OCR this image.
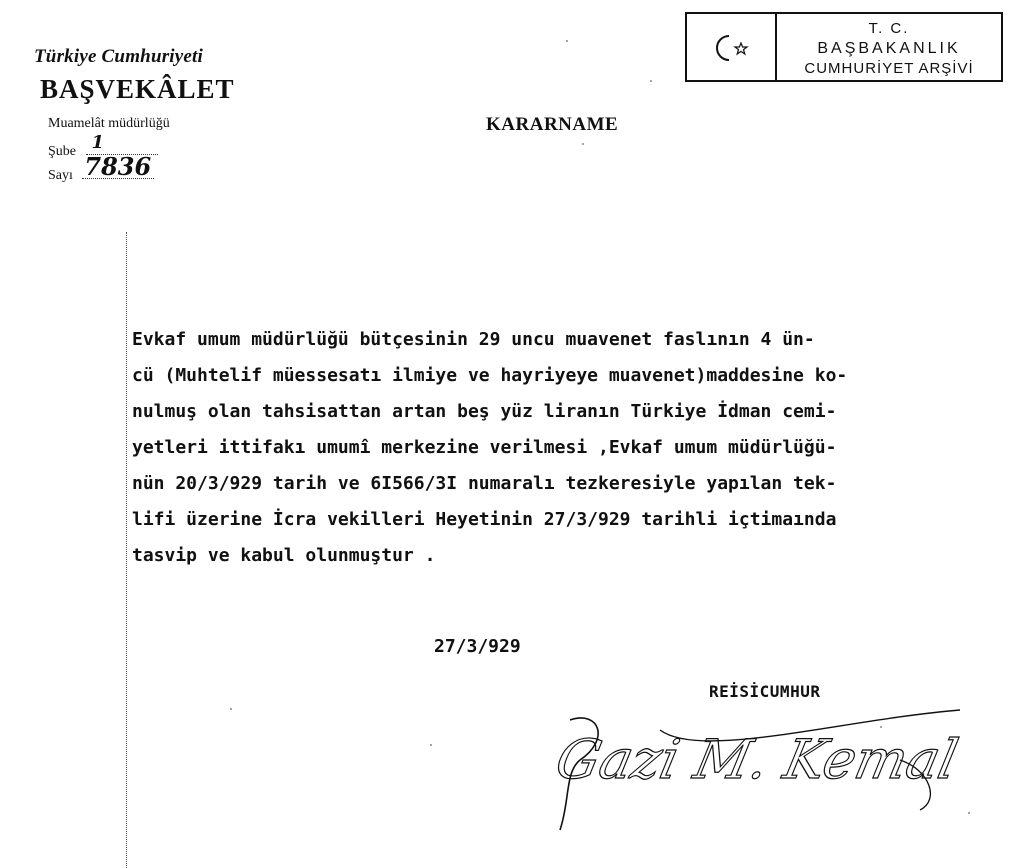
Türkiye Cumhuriyeti
BAŞVEKÂLET
Muamelât müdürlüğü
Şube 1
Sayı 7836
T. C.
BAŞBAKANLIK
CUMHURİYET ARŞİVİ
KARARNAME
Evkaf umum müdürlüğü bütçesinin 29 uncu muavenet faslının 4 ün-
cü (Muhtelif müessesatı ilmiye ve hayriyeye muavenet)maddesine ko-
nulmuş olan tahsisattan artan beş yüz liranın Türkiye İdman cemi-
yetleri ittifakı umumî merkezine verilmesi ,Evkaf umum müdürlüğü-
nün 20/3/929 tarih ve 6I566/3I numaralı tezkeresiyle yapılan tek-
lifi üzerine İcra vekilleri Heyetinin 27/3/929 tarihli içtimaında
tasvip ve kabul olunmuştur .
27/3/929
REİSİCUMHUR
Gazi M. Kemal
